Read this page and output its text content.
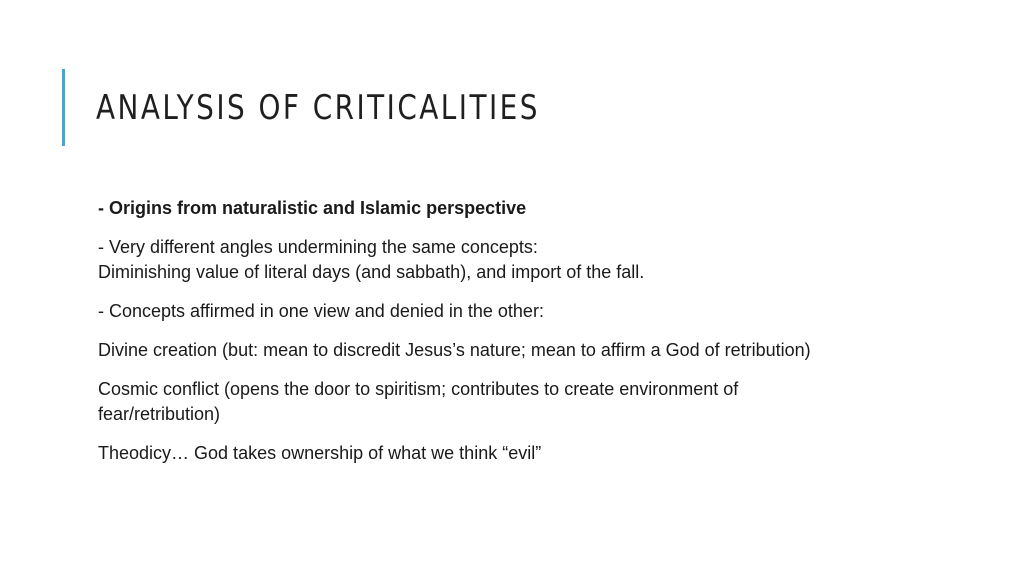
ANALYSIS OF CRITICALITIES

- Origins from naturalistic and Islamic perspective

- Very different angles undermining the same concepts:
Diminishing value of literal days (and sabbath), and import of the fall.

- Concepts affirmed in one view and denied in the other:

Divine creation (but: mean to discredit Jesus’s nature; mean to affirm a God of retribution)

Cosmic conflict (opens the door to spiritism; contributes to create environment of
fear/retribution)

Theodicy… God takes ownership of what we think “evil”
